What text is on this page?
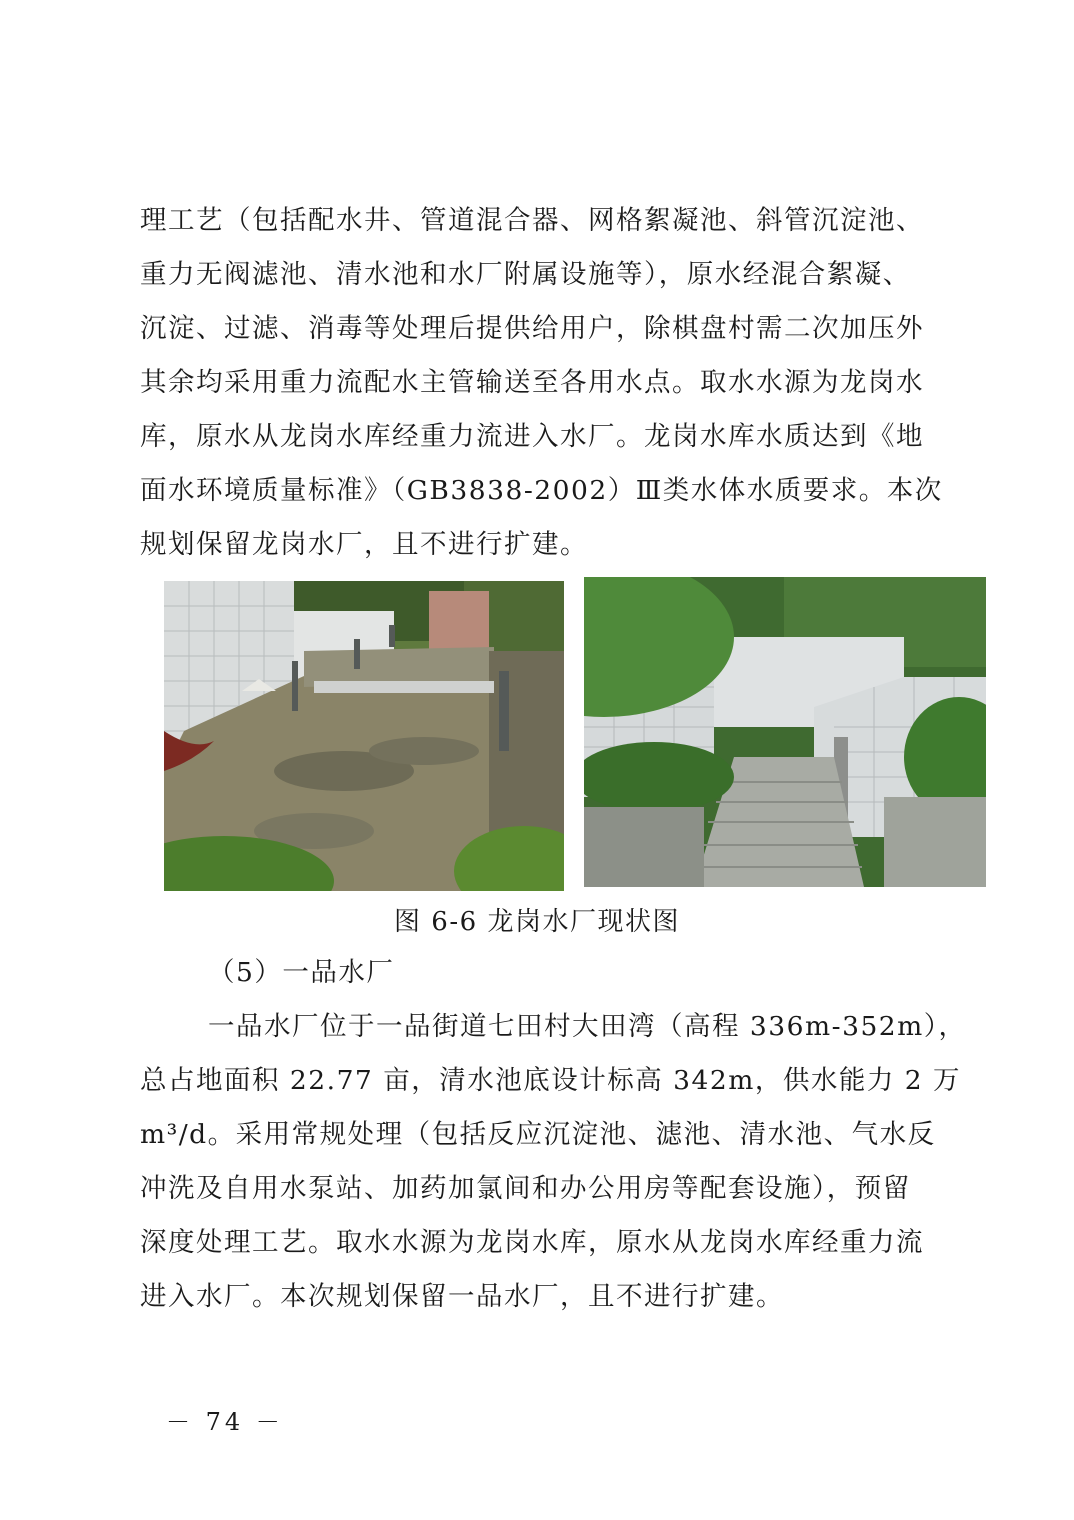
理工艺（包括配水井、管道混合器、网格絮凝池、斜管沉淀池、
重力无阀滤池、清水池和水厂附属设施等），原水经混合絮凝、
沉淀、过滤、消毒等处理后提供给用户，除棋盘村需二次加压外
其余均采用重力流配水主管输送至各用水点。取水水源为龙岗水
库，原水从龙岗水库经重力流进入水厂。龙岗水库水质达到《地
面水环境质量标准》（GB3838-2002）Ⅲ类水体水质要求。本次
规划保留龙岗水厂，且不进行扩建。
图 6-6 龙岗水厂现状图
（5）一品水厂
一品水厂位于一品街道七田村大田湾（高程 336m-352m），
总占地面积 22.77 亩，清水池底设计标高 342m，供水能力 2 万
m³/d。采用常规处理（包括反应沉淀池、滤池、清水池、气水反
冲洗及自用水泵站、加药加氯间和办公用房等配套设施），预留
深度处理工艺。取水水源为龙岗水库，原水从龙岗水库经重力流
进入水厂。本次规划保留一品水厂，且不进行扩建。
－ 74 －
